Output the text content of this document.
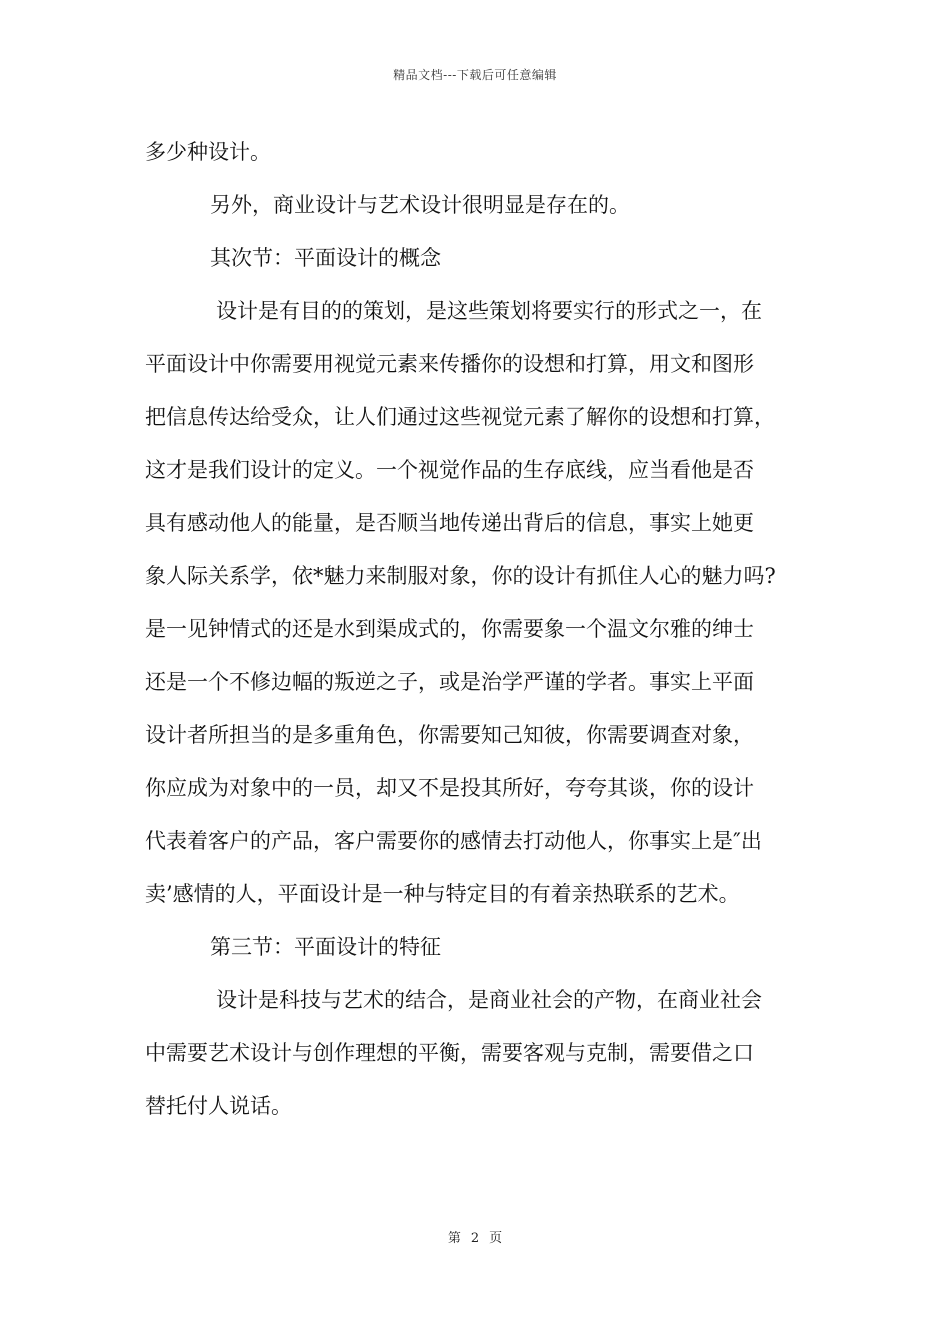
精品文档---下载后可任意编辑
多少种设计。
另外，商业设计与艺术设计很明显是存在的。
其次节：平面设计的概念
设计是有目的的策划，是这些策划将要实行的形式之一，在
平面设计中你需要用视觉元素来传播你的设想和打算，用文和图形
把信息传达给受众，让人们通过这些视觉元素了解你的设想和打算，
这才是我们设计的定义。一个视觉作品的生存底线，应当看他是否
具有感动他人的能量，是否顺当地传递出背后的信息，事实上她更
象人际关系学，依*魅力来制服对象，你的设计有抓住人心的魅力吗?
是一见钟情式的还是水到渠成式的，你需要象一个温文尔雅的绅士
还是一个不修边幅的叛逆之子，或是治学严谨的学者。事实上平面
设计者所担当的是多重角色，你需要知己知彼，你需要调查对象，
你应成为对象中的一员，却又不是投其所好，夸夸其谈，你的设计
代表着客户的产品，客户需要你的感情去打动他人，你事实上是″出
卖’感情的人，平面设计是一种与特定目的有着亲热联系的艺术。
第三节：平面设计的特征
设计是科技与艺术的结合，是商业社会的产物，在商业社会
中需要艺术设计与创作理想的平衡，需要客观与克制，需要借之口
替托付人说话。
第 2 页
